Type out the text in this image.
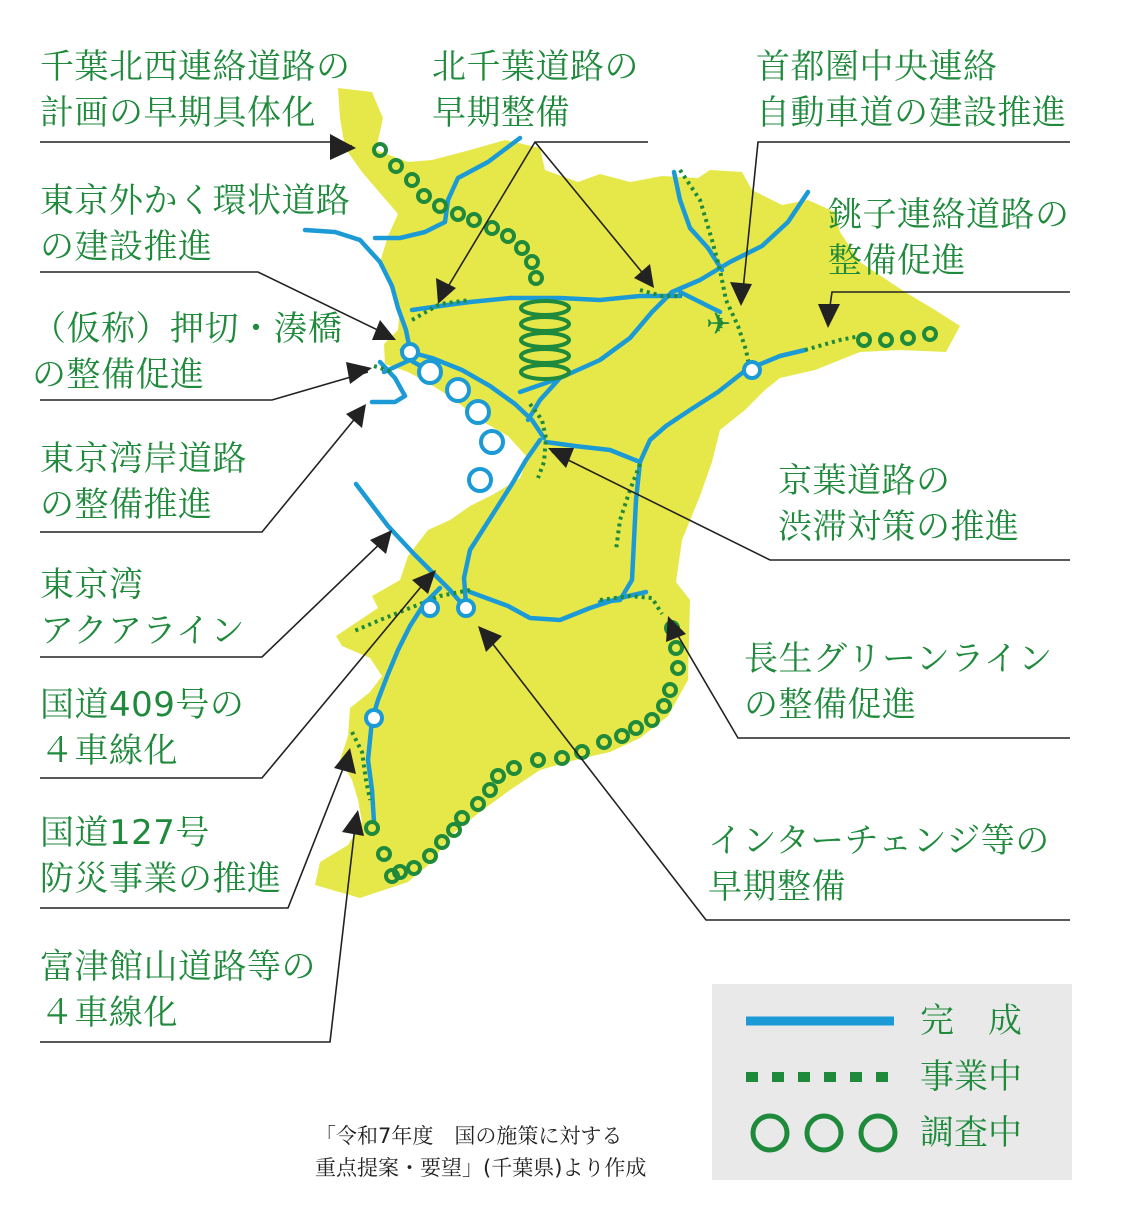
✈
千葉北西連絡道路の
計画の早期具体化
北千葉道路の
早期整備
首都圏中央連絡
自動車道の建設推進
東京外かく環状道路
の建設推進
銚子連絡道路の
整備促進
（仮称）押切・湊橋
の整備促進
東京湾岸道路
の整備推進
京葉道路の
渋滞対策の推進
東京湾
アクアライン
長生グリーンライン
の整備促進
国道409号の
４車線化
国道127号
防災事業の推進
インターチェンジ等の
早期整備
富津館山道路等の
４車線化	完　成
事業中
調査中
「令和7年度　国の施策に対する
重点提案・要望」(千葉県)より作成
